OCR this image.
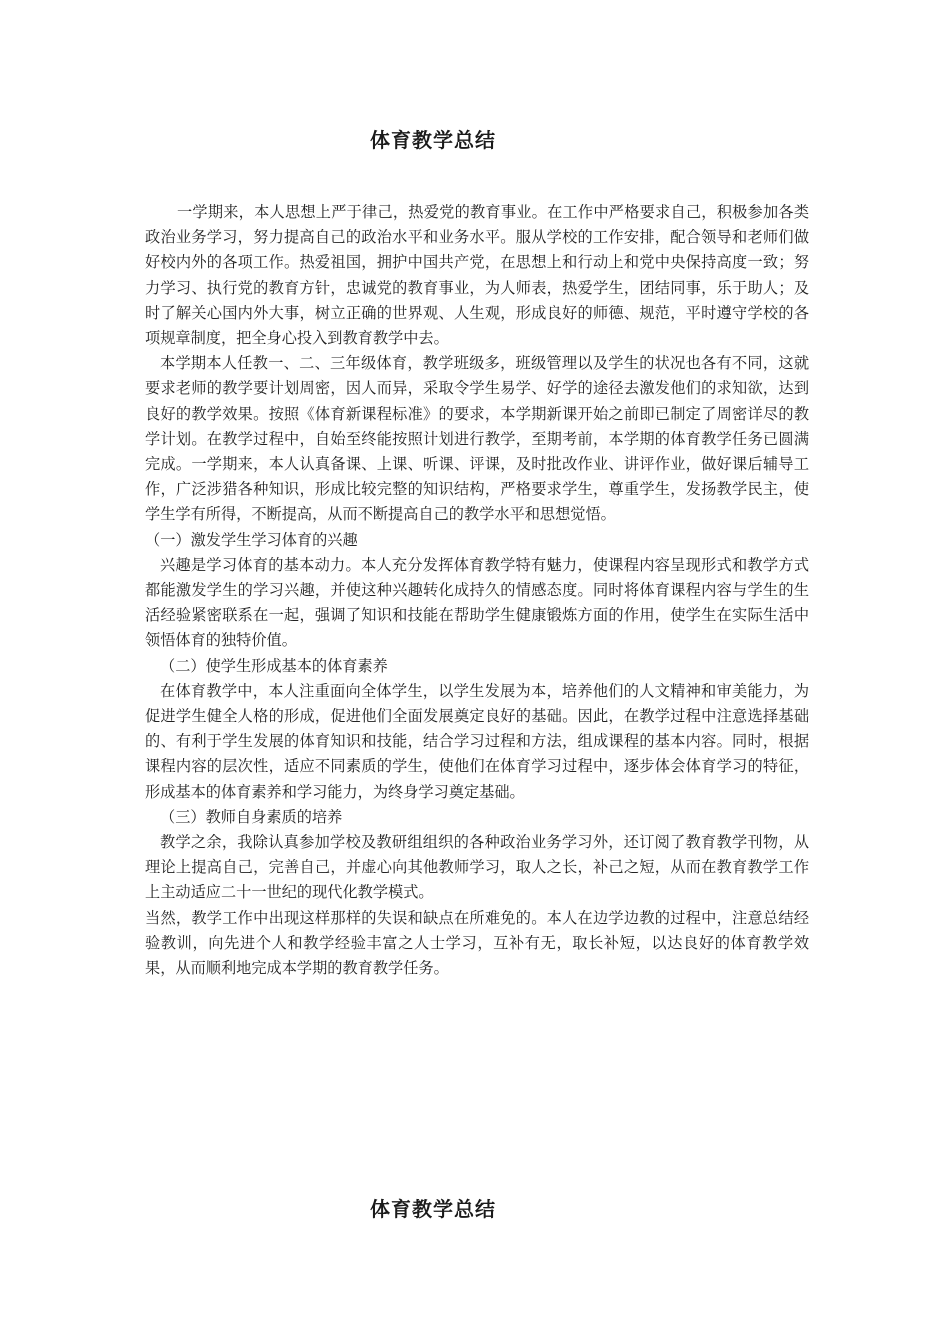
体育教学总结

一学期来，本人思想上严于律己，热爱党的教育事业。在工作中严格要求自己，积极参加各类政治业务学习，努力提高自己的政治水平和业务水平。服从学校的工作安排，配合领导和老师们做好校内外的各项工作。热爱祖国，拥护中国共产党，在思想上和行动上和党中央保持高度一致；努力学习、执行党的教育方针，忠诚党的教育事业，为人师表，热爱学生，团结同事，乐于助人；及时了解关心国内外大事，树立正确的世界观、人生观，形成良好的师德、规范，平时遵守学校的各项规章制度，把全身心投入到教育教学中去。

本学期本人任教一、二、三年级体育，教学班级多，班级管理以及学生的状况也各有不同，这就要求老师的教学要计划周密，因人而异，采取令学生易学、好学的途径去激发他们的求知欲，达到良好的教学效果。按照《体育新课程标准》的要求，本学期新课开始之前即已制定了周密详尽的教学计划。在教学过程中，自始至终能按照计划进行教学，至期考前，本学期的体育教学任务已圆满完成。一学期来，本人认真备课、上课、听课、评课，及时批改作业、讲评作业，做好课后辅导工作，广泛涉猎各种知识，形成比较完整的知识结构，严格要求学生，尊重学生，发扬教学民主，使学生学有所得，不断提高，从而不断提高自己的教学水平和思想觉悟。

（一）激发学生学习体育的兴趣

兴趣是学习体育的基本动力。本人充分发挥体育教学特有魅力，使课程内容呈现形式和教学方式都能激发学生的学习兴趣，并使这种兴趣转化成持久的情感态度。同时将体育课程内容与学生的生活经验紧密联系在一起，强调了知识和技能在帮助学生健康锻炼方面的作用，使学生在实际生活中领悟体育的独特价值。

（二）使学生形成基本的体育素养

在体育教学中，本人注重面向全体学生，以学生发展为本，培养他们的人文精神和审美能力，为促进学生健全人格的形成，促进他们全面发展奠定良好的基础。因此，在教学过程中注意选择基础的、有利于学生发展的体育知识和技能，结合学习过程和方法，组成课程的基本内容。同时，根据课程内容的层次性，适应不同素质的学生，使他们在体育学习过程中，逐步体会体育学习的特征，形成基本的体育素养和学习能力，为终身学习奠定基础。

（三）教师自身素质的培养

教学之余，我除认真参加学校及教研组组织的各种政治业务学习外，还订阅了教育教学刊物，从理论上提高自己，完善自己，并虚心向其他教师学习，取人之长，补己之短，从而在教育教学工作上主动适应二十一世纪的现代化教学模式。

当然，教学工作中出现这样那样的失误和缺点在所难免的。本人在边学边教的过程中，注意总结经验教训，向先进个人和教学经验丰富之人士学习，互补有无，取长补短，以达良好的体育教学效果，从而顺利地完成本学期的教育教学任务。

体育教学总结
